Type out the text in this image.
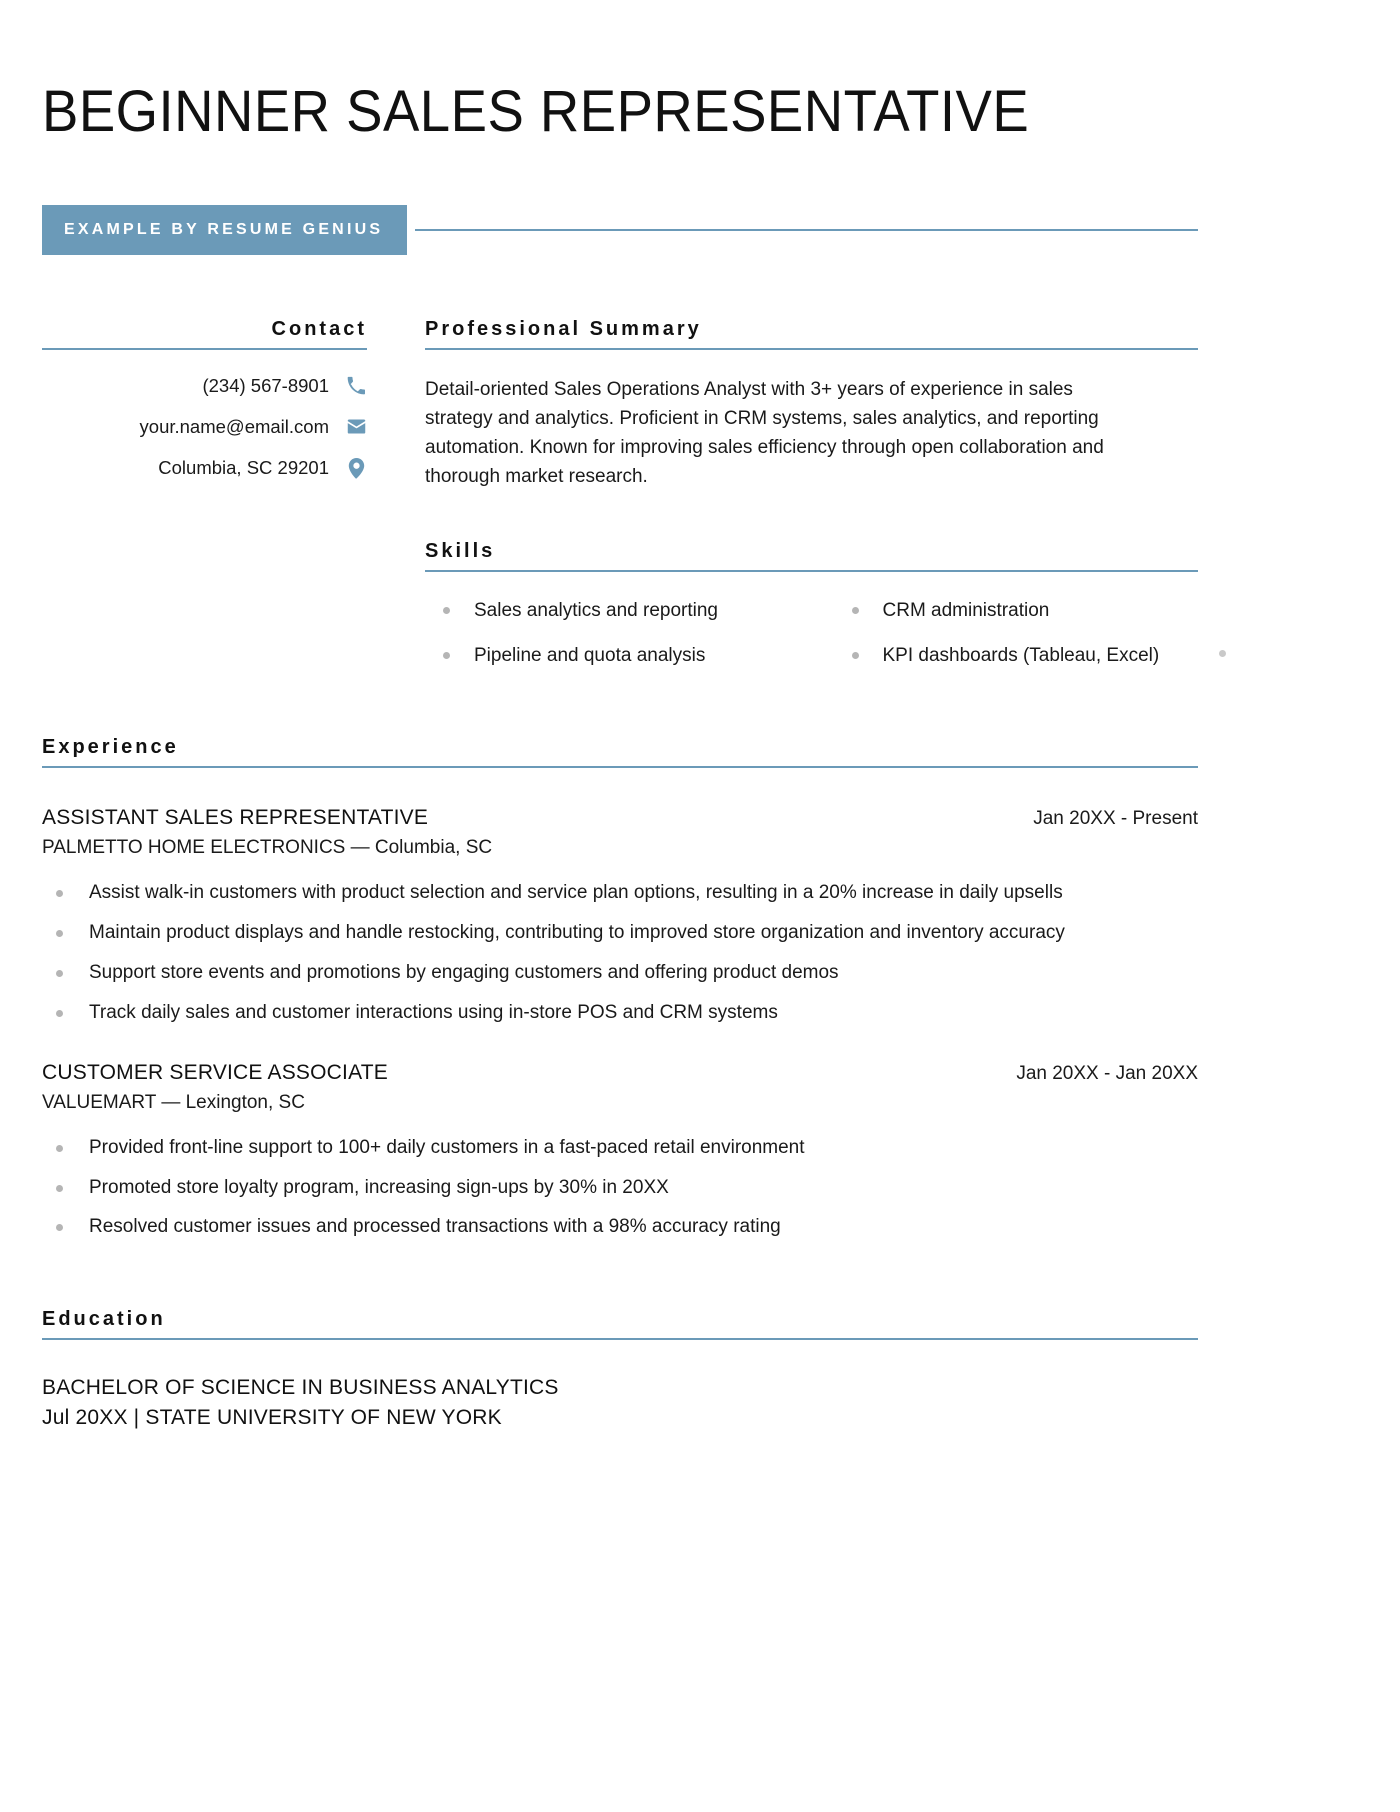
BEGINNER SALES REPRESENTATIVE
EXAMPLE BY RESUME GENIUS
Contact
(234) 567-8901
your.name@email.com
Columbia, SC 29201
Professional Summary

Detail-oriented Sales Operations Analyst with 3+ years of experience in sales strategy and analytics. Proficient in CRM systems, sales analytics, and reporting automation. Known for improving sales efficiency through open collaboration and thorough market research.

Skills
Sales analytics and reporting	CRM administration
Pipeline and quota analysis	KPI dashboards (Tableau, Excel)
Experience
ASSISTANT SALES REPRESENTATIVE	Jan 20XX - Present
PALMETTO HOME ELECTRONICS — Columbia, SC
Assist walk-in customers with product selection and service plan options, resulting in a 20% increase in daily upsells
Maintain product displays and handle restocking, contributing to improved store organization and inventory accuracy
Support store events and promotions by engaging customers and offering product demos
Track daily sales and customer interactions using in-store POS and CRM systems
CUSTOMER SERVICE ASSOCIATE	Jan 20XX - Jan 20XX
VALUEMART — Lexington, SC
Provided front-line support to 100+ daily customers in a fast-paced retail environment
Promoted store loyalty program, increasing sign-ups by 30% in 20XX
Resolved customer issues and processed transactions with a 98% accuracy rating
Education
BACHELOR OF SCIENCE IN BUSINESS ANALYTICS
Jul 20XX | STATE UNIVERSITY OF NEW YORK
